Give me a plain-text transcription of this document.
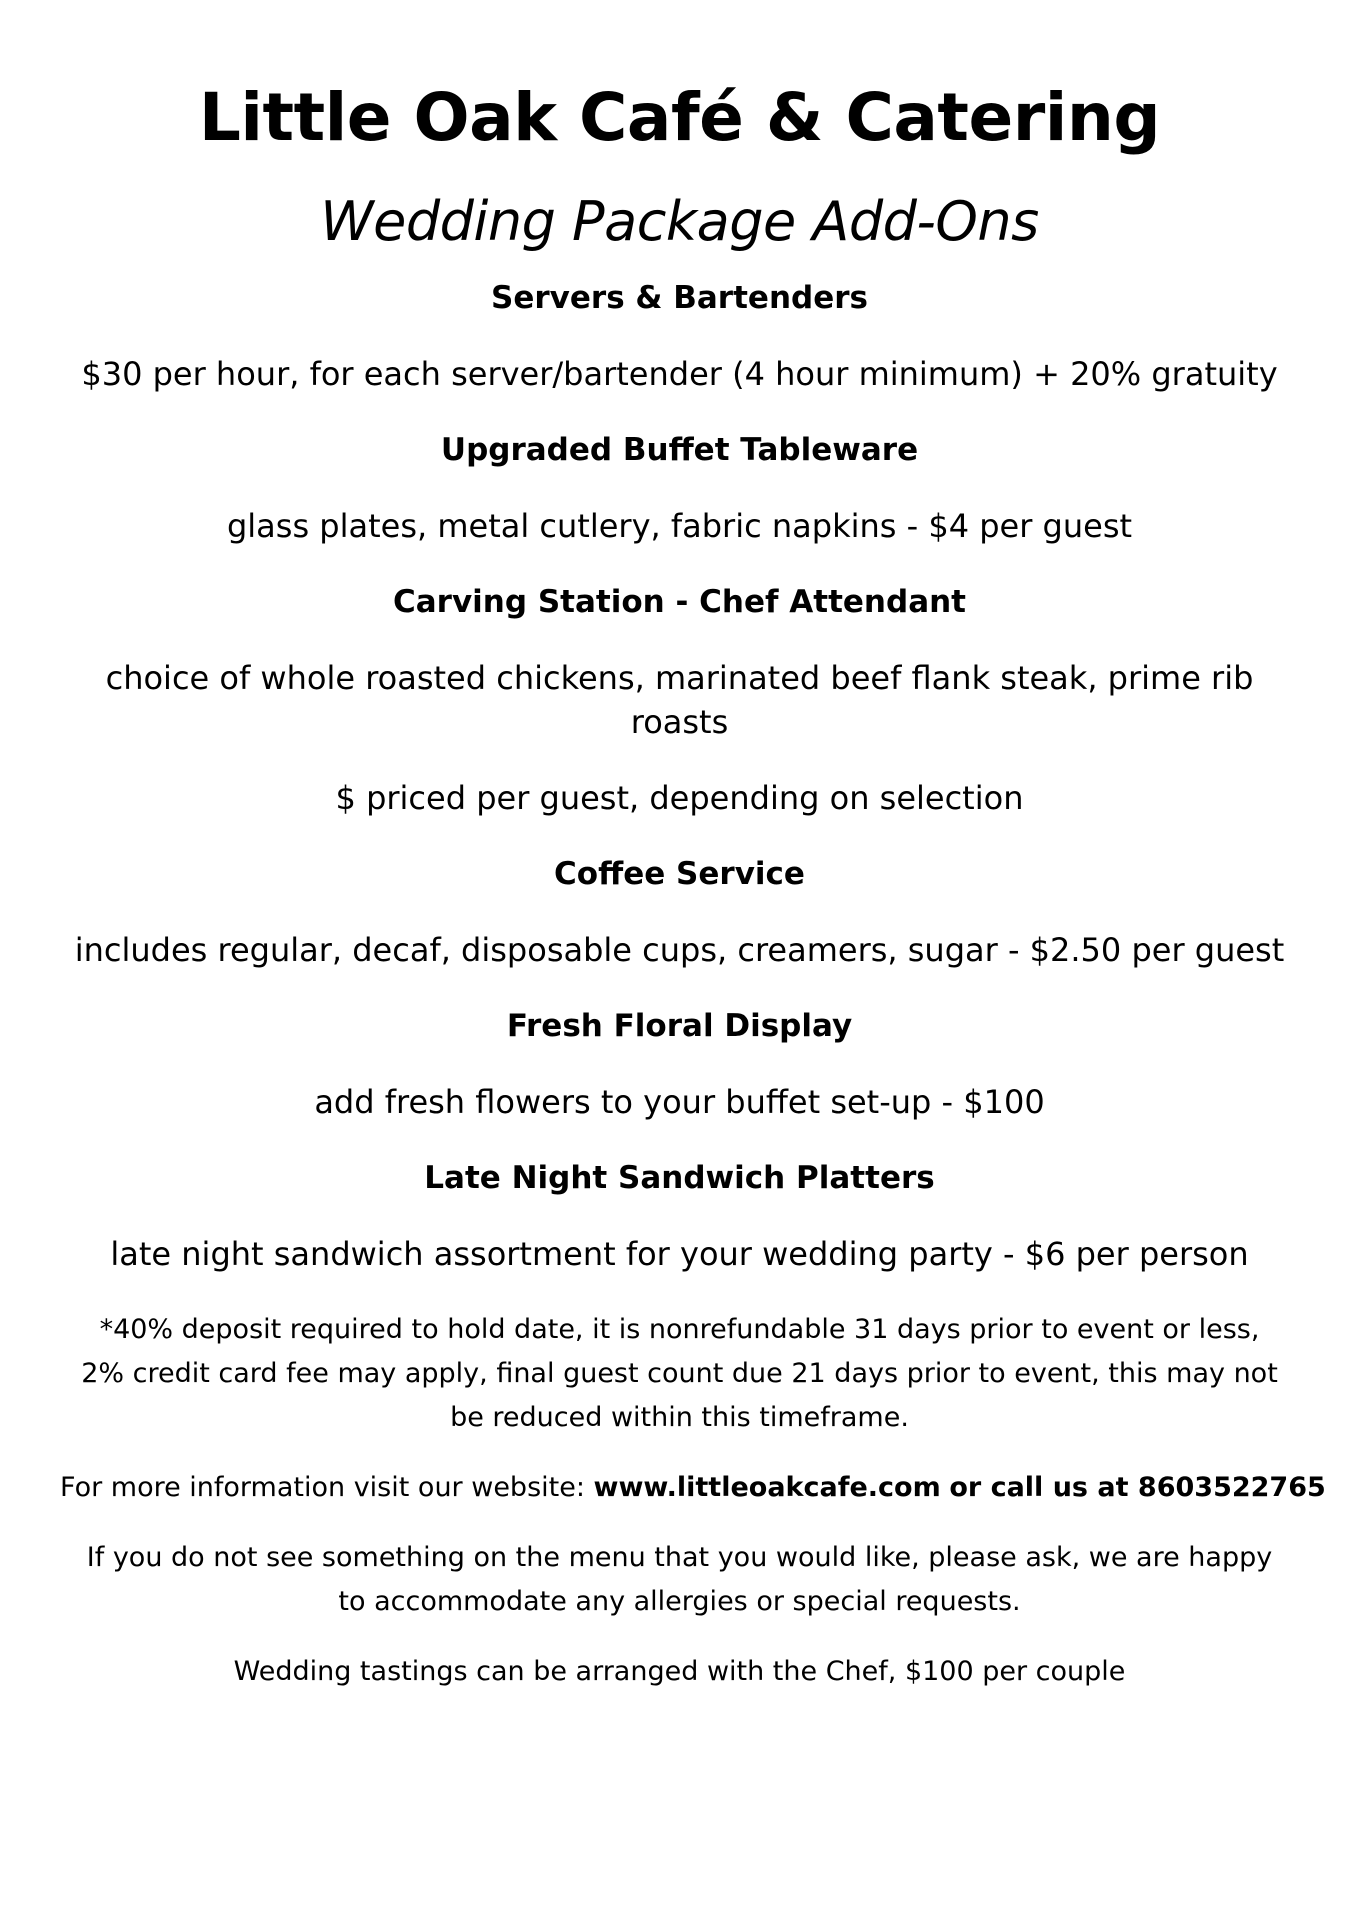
Little Oak Café & Catering
Wedding Package Add-Ons
Servers & Bartenders
$30 per hour, for each server/bartender (4 hour minimum) + 20% gratuity
Upgraded Buffet Tableware
glass plates, metal cutlery, fabric napkins - $4 per guest
Carving Station - Chef Attendant
choice of whole roasted chickens, marinated beef flank steak, prime rib roasts
$ priced per guest, depending on selection
Coffee Service
includes regular, decaf, disposable cups, creamers, sugar - $2.50 per guest
Fresh Floral Display
add fresh flowers to your buffet set-up - $100
Late Night Sandwich Platters
late night sandwich assortment for your wedding party - $6 per person
*40% deposit required to hold date, it is nonrefundable 31 days prior to event or less, 2% credit card fee may apply, final guest count due 21 days prior to event, this may not be reduced within this timeframe.
For more information visit our website: www.littleoakcafe.com or call us at 8603522765
If you do not see something on the menu that you would like, please ask, we are happy to accommodate any allergies or special requests.
Wedding tastings can be arranged with the Chef, $100 per couple
